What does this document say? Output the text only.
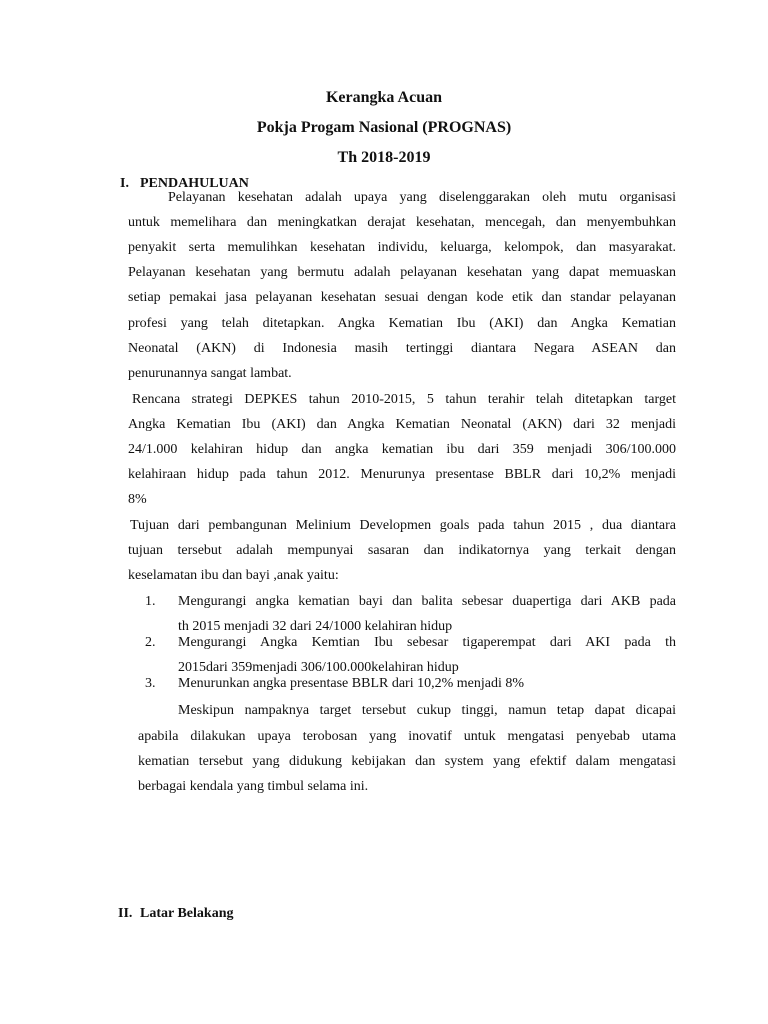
Kerangka Acuan
Pokja Progam Nasional (PROGNAS)
Th 2018-2019
I. PENDAHULUAN
Pelayanan kesehatan adalah upaya yang diselenggarakan oleh mutu organisasi
untuk memelihara dan meningkatkan derajat kesehatan, mencegah, dan menyembuhkan
penyakit serta memulihkan kesehatan individu, keluarga, kelompok, dan masyarakat.
Pelayanan kesehatan yang bermutu adalah pelayanan kesehatan yang dapat memuaskan
setiap pemakai jasa pelayanan kesehatan sesuai dengan kode etik dan standar pelayanan
profesi yang telah ditetapkan. Angka Kematian Ibu (AKI) dan Angka Kematian
Neonatal (AKN) di Indonesia masih tertinggi diantara Negara ASEAN dan
penurunannya sangat lambat.
Rencana strategi DEPKES tahun 2010-2015, 5 tahun terahir telah ditetapkan target
Angka Kematian Ibu (AKI) dan Angka Kematian Neonatal (AKN) dari 32 menjadi
24/1.000 kelahiran hidup dan angka kematian ibu dari 359 menjadi 306/100.000
kelahiraan hidup pada tahun 2012. Menurunya presentase BBLR dari 10,2% menjadi
8%
Tujuan dari pembangunan Melinium Developmen goals pada tahun 2015 , dua diantara
tujuan tersebut adalah mempunyai sasaran dan indikatornya yang terkait dengan
keselamatan ibu dan bayi ,anak yaitu:
1. Mengurangi angka kematian bayi dan balita sebesar duapertiga dari AKB pada
th 2015 menjadi 32 dari 24/1000 kelahiran hidup
2. Mengurangi Angka Kemtian Ibu sebesar tigaperempat dari AKI pada th
2015dari 359menjadi 306/100.000kelahiran hidup
3. Menurunkan angka presentase BBLR dari 10,2% menjadi 8%
Meskipun nampaknya target tersebut cukup tinggi, namun tetap dapat dicapai
apabila dilakukan upaya terobosan yang inovatif untuk mengatasi penyebab utama
kematian tersebut yang didukung kebijakan dan system yang efektif dalam mengatasi
berbagai kendala yang timbul selama ini.
II. Latar Belakang
